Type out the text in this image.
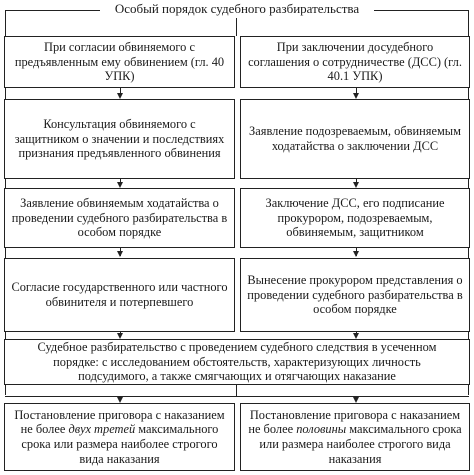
Особый порядок судебного разбирательства
При согласии обвиняемого с предъявленным ему обвинением (гл. 40 УПК)
Консультация обвиняемого с защитником о значении и последствиях признания предъявленного обвинения
Заявление обвиняемым ходатайства о проведении судебного разбирательства в особом порядке
Согласие государственного или частного обвинителя и потерпевшего
При заключении досудебного соглашения о сотрудничестве (ДСС) (гл. 40.1 УПК)
Заявление подозреваемым, обвиняемым ходатайства о заключении ДСС
Заключение ДСС, его подписание прокурором, подозреваемым, обвиняемым, защитником
Вынесение прокурором представления о проведении судебного разбирательства в особом порядке
Судебное разбирательство с проведением судебного следствия в усеченном порядке: с исследованием обстоятельств, характеризующих личность подсудимого, а также смягчающих и отягчающих наказание
Постановление приговора с наказанием не более двух третей максимального срока или размера наиболее строгого вида наказания
Постановление приговора с наказанием не более половины максимального срока или размера наиболее строгого вида наказания
